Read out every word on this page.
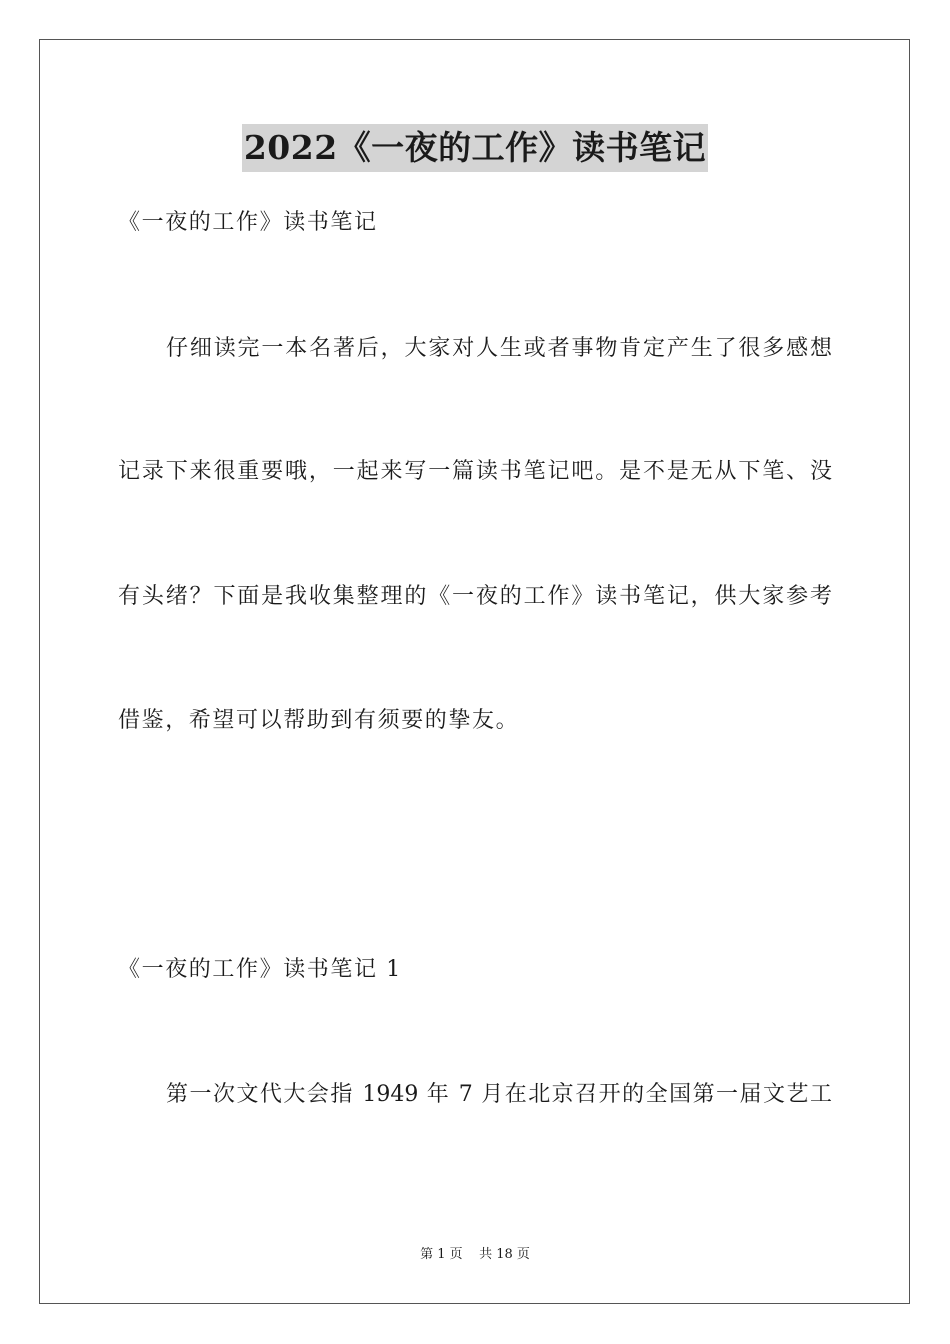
2022《一夜的工作》读书笔记
《一夜的工作》读书笔记
仔细读完一本名著后，大家对人生或者事物肯定产生了很多感想
记录下来很重要哦，一起来写一篇读书笔记吧。是不是无从下笔、没
有头绪？下面是我收集整理的《一夜的工作》读书笔记，供大家参考
借鉴，希望可以帮助到有须要的挚友。
《一夜的工作》读书笔记 1
第一次文代大会指 1949 年 7 月在北京召开的全国第一届文艺工
第 1 页    共 18 页
